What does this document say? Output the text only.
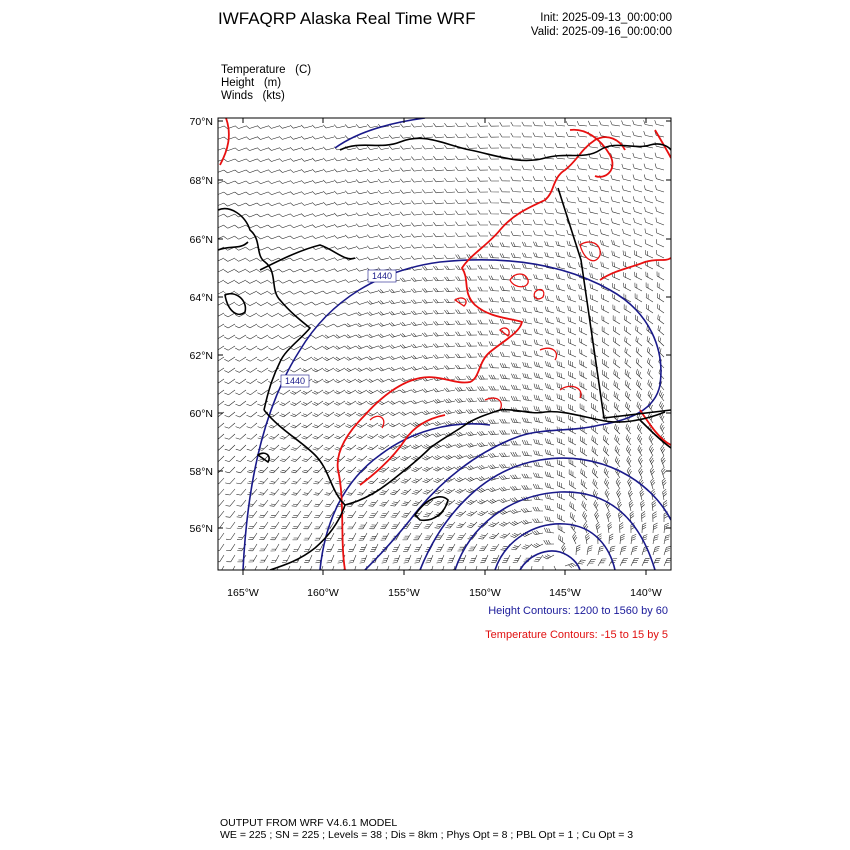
1440
1440
70°N
68°N
66°N
64°N
62°N
60°N
58°N
56°N
165°W	160°W	155°W	150°W	145°W	140°W
IWFAQRP Alaska Real Time WRF	Init: 2025-09-13_00:00:00
Valid: 2025-09-16_00:00:00
Temperature   (C)
Height   (m)
Winds   (kts)
Height Contours: 1200 to 1560 by 60
Temperature Contours: -15 to 15 by 5
OUTPUT FROM WRF V4.6.1 MODEL
WE = 225 ; SN = 225 ; Levels = 38 ; Dis = 8km ; Phys Opt = 8 ; PBL Opt = 1 ; Cu Opt = 3
